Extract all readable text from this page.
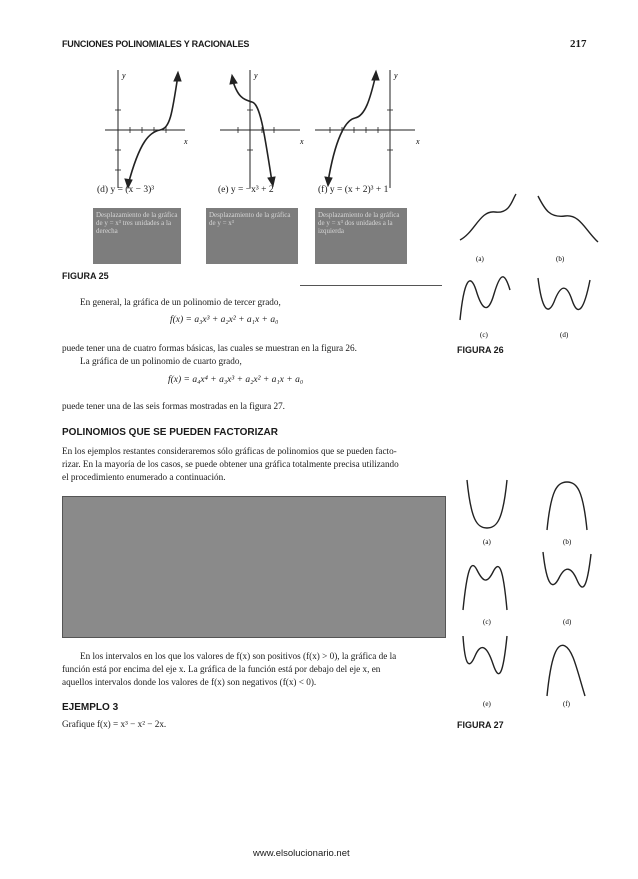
FUNCIONES POLINOMIALES Y RACIONALES	217
x
y
x
y
x
y
(d) y = (x − 3)³	(e) y = −x³ + 2	(f) y = (x + 2)³ + 1
Desplazamiento de la gráfica de y = x³ tres unidades a la derecha
Desplazamiento de la gráfica de y = x³
Desplazamiento de la gráfica de y = x³ dos unidades a la izquierda
FIGURA 25
(a)	(b)
(c)	(d)
FIGURA 26
En general, la gráfica de un polinomio de tercer grado,
f(x) = a₃x³ + a₂x² + a₁x + a₀
puede tener una de cuatro formas básicas, las cuales se muestran en la figura 26.
La gráfica de un polinomio de cuarto grado,
f(x) = a₄x⁴ + a₃x³ + a₂x² + a₁x + a₀
puede tener una de las seis formas mostradas en la figura 27.
POLINOMIOS QUE SE PUEDEN FACTORIZAR
En los ejemplos restantes consideraremos sólo gráficas de polinomios que se pueden facto-
rizar. En la mayoría de los casos, se puede obtener una gráfica totalmente precisa utilizando
el procedimiento enumerado a continuación.
En los intervalos en los que los valores de f(x) son positivos (f(x) > 0), la gráfica de la
función está por encima del eje x. La gráfica de la función está por debajo del eje x, en
aquellos intervalos donde los valores de f(x) son negativos (f(x) < 0).
EJEMPLO 3
Grafique f(x) = x³ − x² − 2x.
(a)	(b)
(c)	(d)
(e)	(f)
FIGURA 27
www.elsolucionario.net
